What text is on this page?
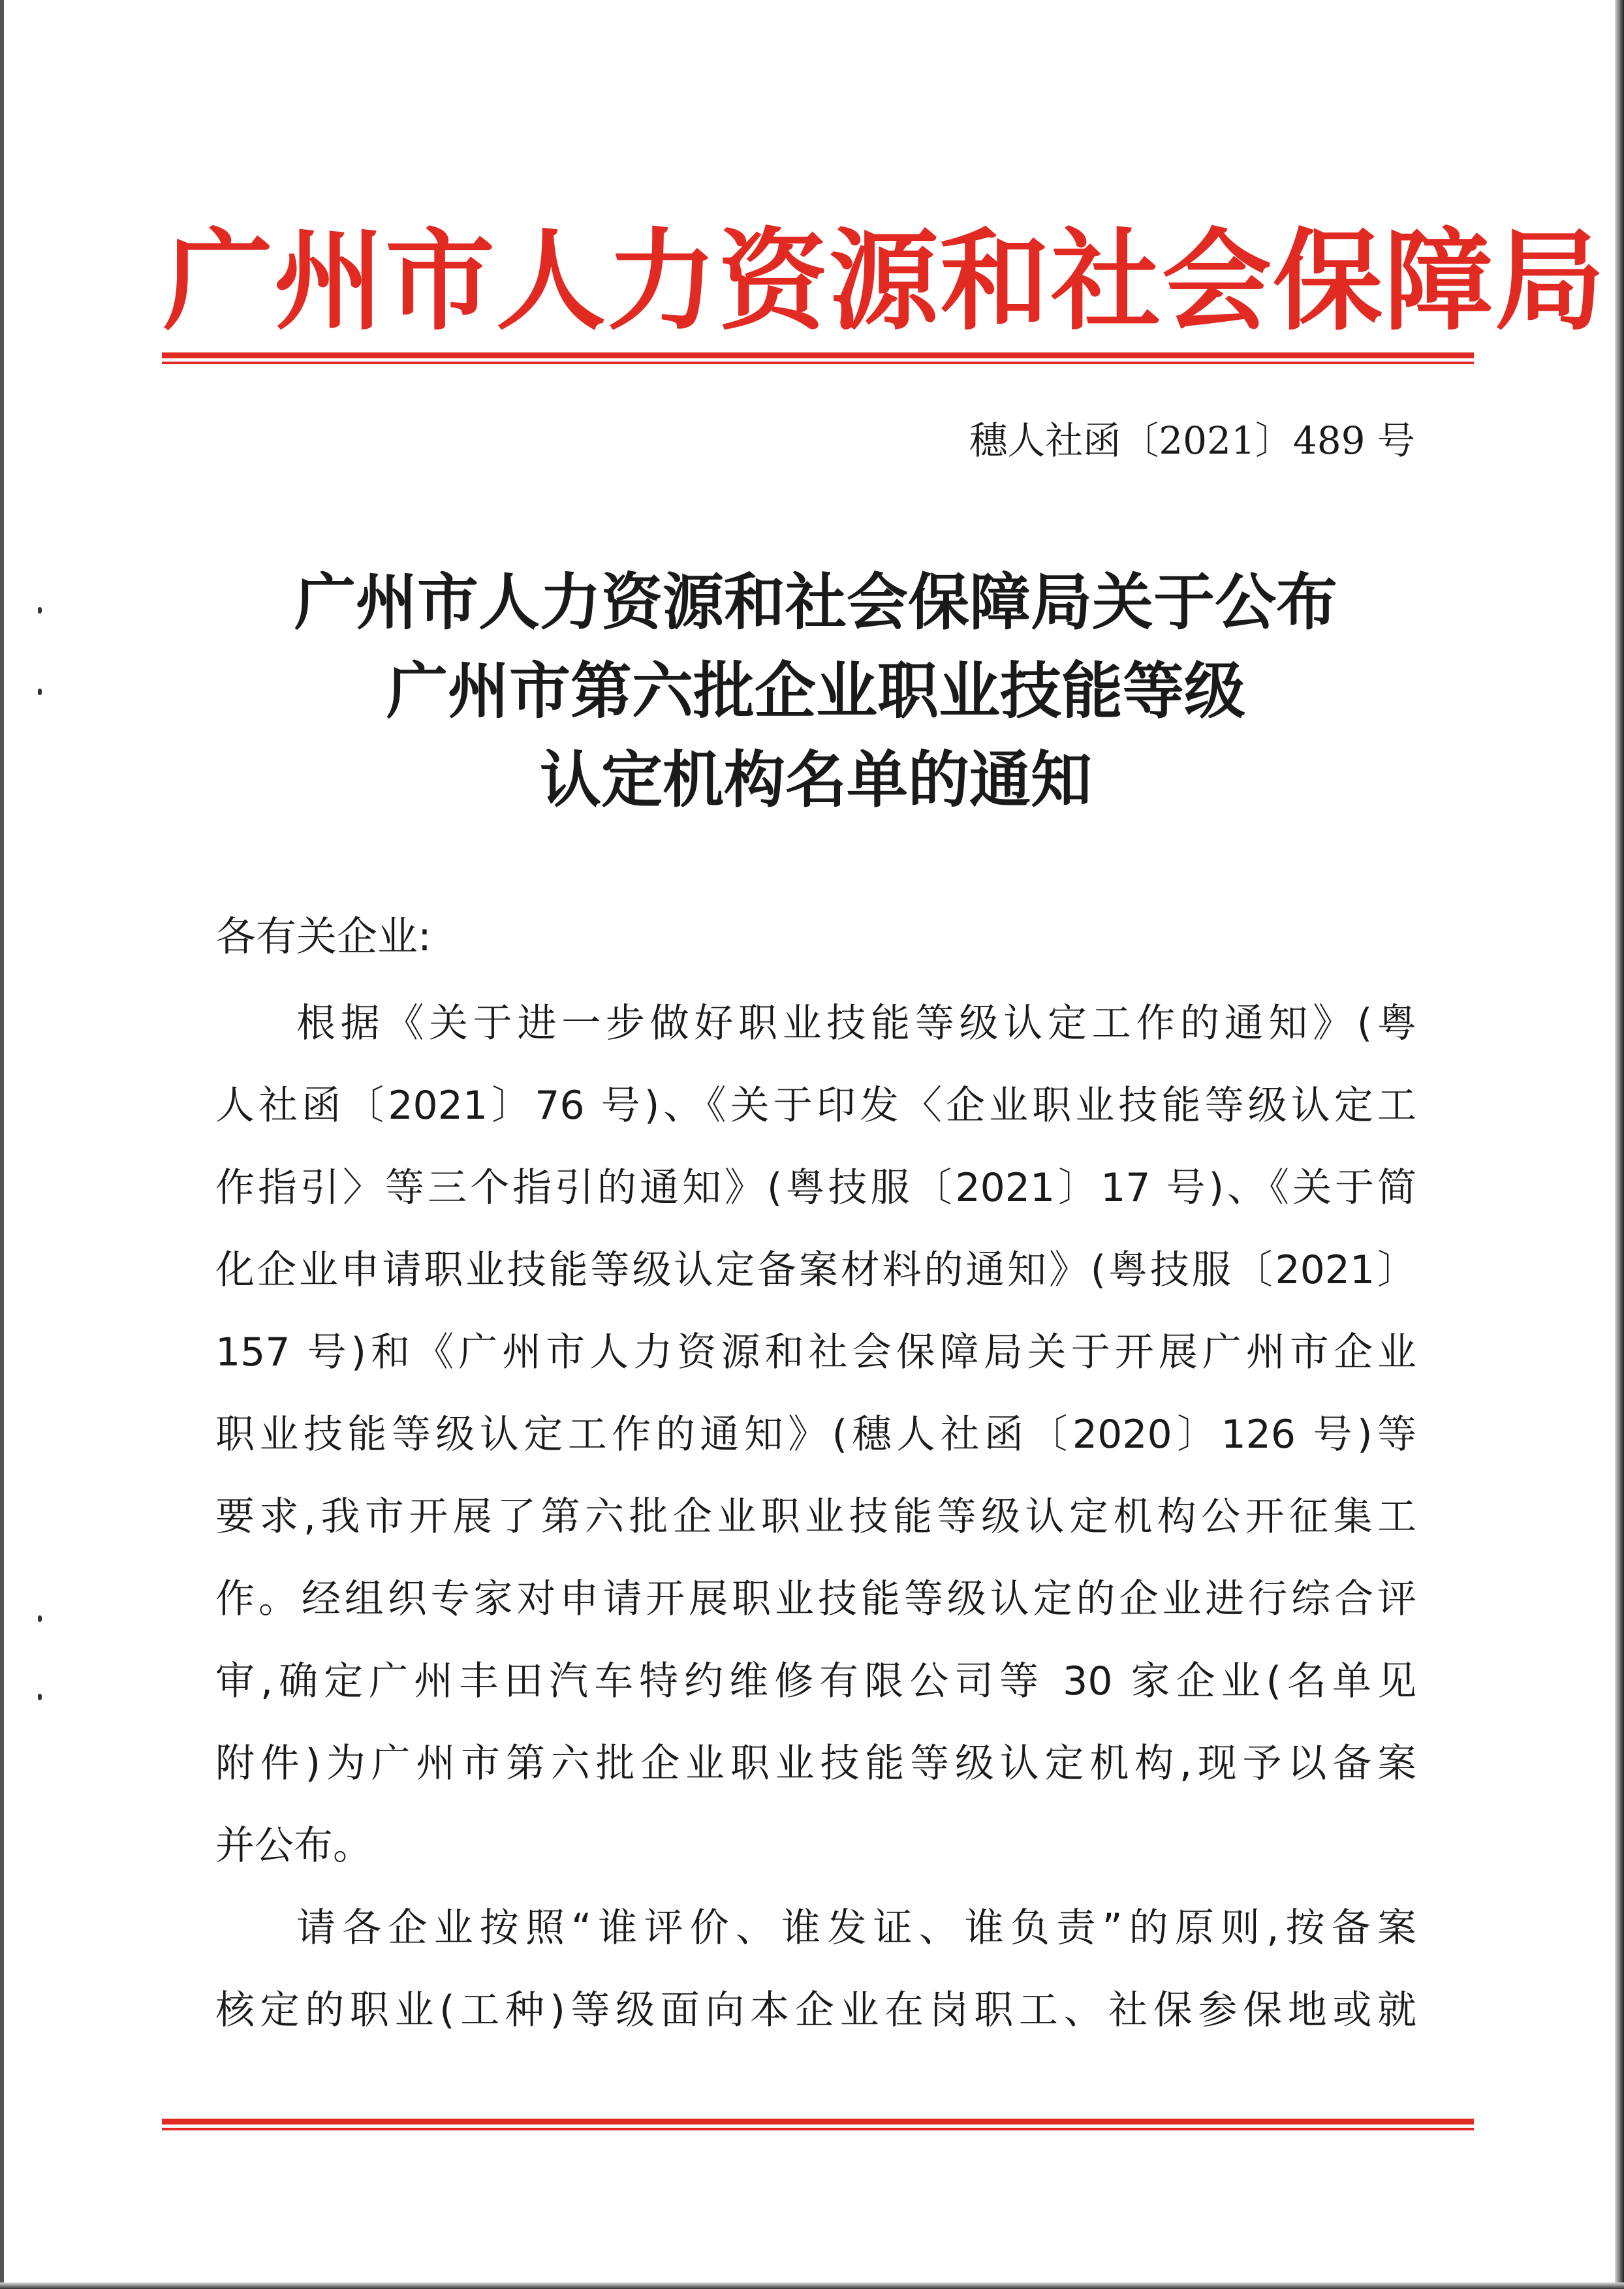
广州市人力资源和社会保障局
穗人社函〔2021〕489 号
广州市人力资源和社会保障局关于公布
广州市第六批企业职业技能等级
认定机构名单的通知
各有关企业:
根据《关于进一步做好职业技能等级认定工作的通知》(粤
人社函〔2021〕76 号)、《关于印发〈企业职业技能等级认定工
作指引〉等三个指引的通知》(粤技服〔2021〕17 号)、《关于简
化企业申请职业技能等级认定备案材料的通知》(粤技服〔2021〕
157 号)和《广州市人力资源和社会保障局关于开展广州市企业
职业技能等级认定工作的通知》(穗人社函〔2020〕126 号)等
要求,我市开展了第六批企业职业技能等级认定机构公开征集工
作。经组织专家对申请开展职业技能等级认定的企业进行综合评
审,确定广州丰田汽车特约维修有限公司等 30 家企业(名单见
附件)为广州市第六批企业职业技能等级认定机构,现予以备案
并公布。
请各企业按照“谁评价、谁发证、谁负责”的原则,按备案
核定的职业(工种)等级面向本企业在岗职工、社保参保地或就
